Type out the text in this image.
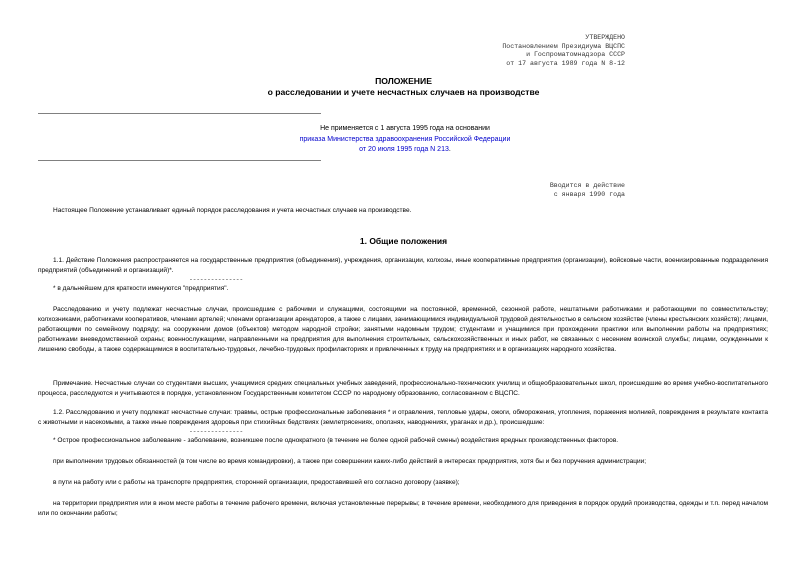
УТВЕРЖДЕНО
Постановлением Президиума ВЦСПС
и Госпроматомнадзора СССР
от 17 августа 1989 года N 8-12
ПОЛОЖЕНИЕ
о расследовании и учете несчастных случаев на производстве
Не применяется с 1 августа 1995 года на основании
приказа Министерства здравоохранения Российской Федерации
от 20 июля 1995 года N 213.
Вводится в действие
с января 1990 года
Настоящее Положение устанавливает единый порядок расследования и учета несчастных случаев на производстве.
1. Общие положения
1.1. Действие Положения распространяется на государственные предприятия (объединения), учреждения, организации, колхозы, иные кооперативные предприятия (организации), войсковые части, военизированные подразделения предприятий (объединений и организаций)*.
---------------
* в дальнейшем для краткости именуются "предприятия".
Расследованию и учету подлежат несчастные случаи, происшедшие с рабочими и служащими, состоящими на постоянной, временной, сезонной работе, нештатными работниками и работающими по совместительству; колхозниками, работниками кооперативов, членами артелей; членами организации арендаторов, а также с лицами, занимающимися индивидуальной трудовой деятельностью в сельском хозяйстве (члены крестьянских хозяйств); лицами, работающими по семейному подряду; на сооружении домов (объектов) методом народной стройки; занятыми надомным трудом; студентами и учащимися при прохождении практики или выполнении работы на предприятиях; работниками вневедомственной охраны; военнослужащими, направленными на предприятия для выполнения строительных, сельскохозяйственных и иных работ, не связанных с несением воинской службы; лицами, осужденными к лишению свободы, а также содержащимися в воспитательно-трудовых, лечебно-трудовых профилакториях и привлеченных к труду на предприятиях и в организациях народного хозяйства.
Примечание. Несчастные случаи со студентами высших, учащимися средних специальных учебных заведений, профессионально-технических училищ и общеобразовательных школ, происшедшие во время учебно-воспитательного процесса, расследуются и учитываются в порядке, установленном Государственным комитетом СССР по народному образованию, согласованном с ВЦСПС.
1.2. Расследованию и учету подлежат несчастные случаи: травмы, острые профессиональные заболевания * и отравления, тепловые удары, ожоги, обморожения, утопления, поражения молнией, повреждения в результате контакта с животными и насекомыми, а также иные повреждения здоровья при стихийных бедствиях (землетрясениях, оползнях, наводнениях, ураганах и др.), происшедшие:
---------------
* Острое профессиональное заболевание - заболевание, возникшее после однократного (в течение не более одной рабочей смены) воздействия вредных производственных факторов.
при выполнении трудовых обязанностей (в том числе во время командировки), а также при совершении каких-либо действий в интересах предприятия, хотя бы и без поручения администрации;
в пути на работу или с работы на транспорте предприятия, сторонней организации, предоставившей его согласно договору (заявке);
на территории предприятия или в ином месте работы в течение рабочего времени, включая установленные перерывы; в течение времени, необходимого для приведения в порядок орудий производства, одежды и т.п. перед началом или по окончании работы;
